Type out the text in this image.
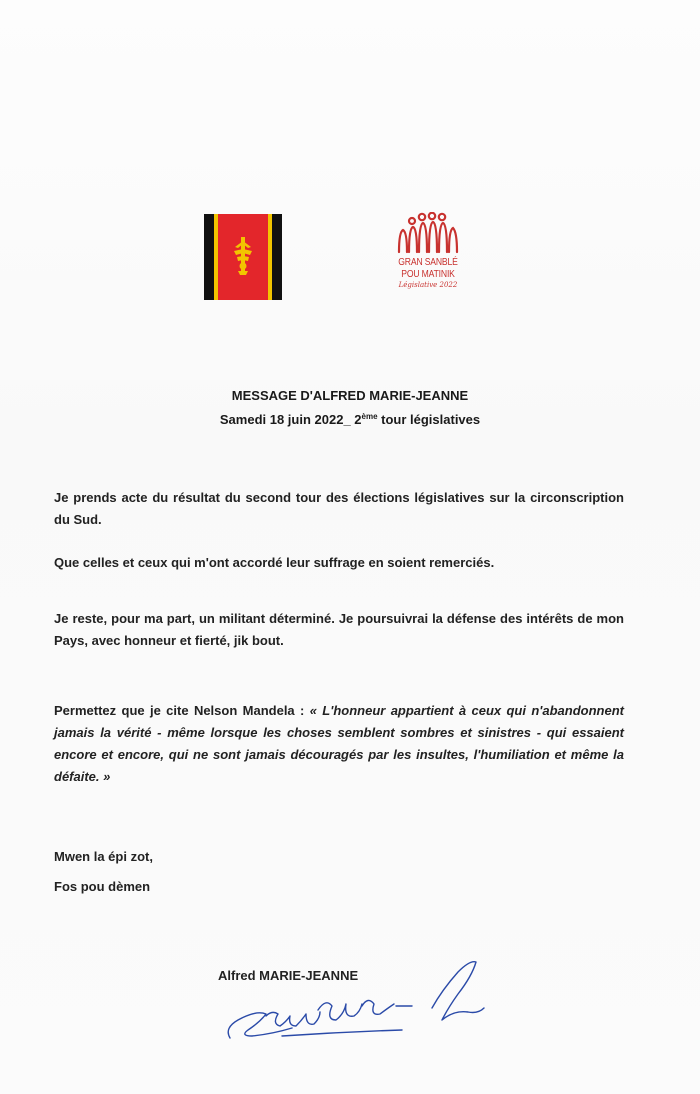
GRAN SANBLÉ
POU MATINIK
Législative 2022
MESSAGE D'ALFRED MARIE-JEANNE
Samedi 18 juin 2022_ 2ème tour législatives
Je prends acte du résultat du second tour des élections législatives sur la circonscription du Sud.
Que celles et ceux qui m'ont accordé leur suffrage en soient remerciés.
Je reste, pour ma part, un militant déterminé. Je poursuivrai la défense des intérêts de mon Pays, avec honneur et fierté, jik bout.
Permettez que je cite Nelson Mandela : « L'honneur appartient à ceux qui n'abandonnent jamais la vérité - même lorsque les choses semblent sombres et sinistres - qui essaient encore et encore, qui ne sont jamais découragés par les insultes, l'humiliation et même la défaite. »
Mwen la épi zot,
Fos pou dèmen
Alfred MARIE-JEANNE
